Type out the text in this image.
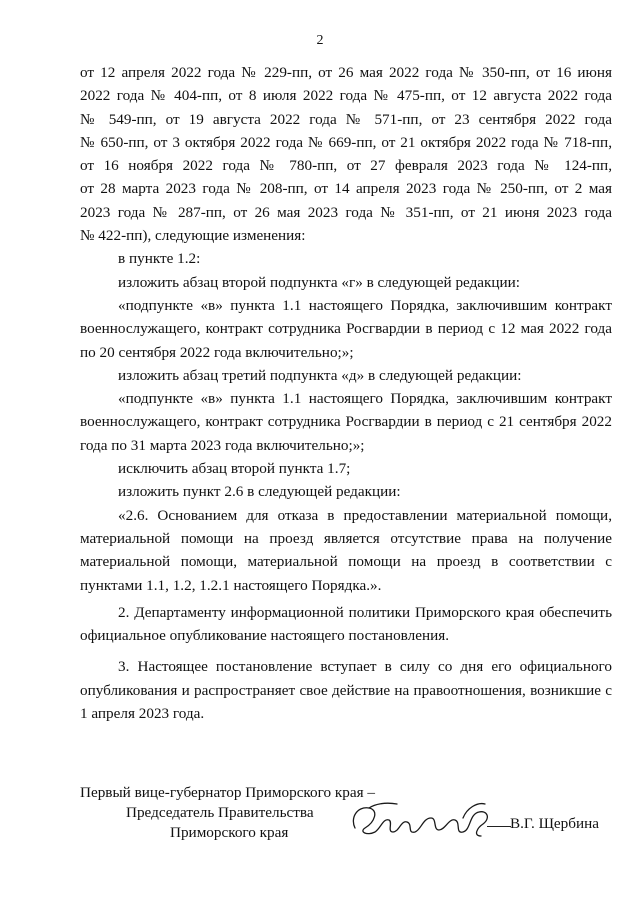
2

от 12 апреля 2022 года № 229-пп, от 26 мая 2022 года № 350-пп, от 16 июня

2022 года № 404-пп, от 8 июля 2022 года № 475-пп, от 12 августа 2022 года

№ 549-пп, от 19 августа 2022 года № 571-пп, от 23 сентября 2022 года

№ 650-пп, от 3 октября 2022 года № 669-пп, от 21 октября 2022 года № 718-пп,

от 16 ноября 2022 года № 780-пп, от 27 февраля 2023 года № 124-пп,

от 28 марта 2023 года № 208-пп, от 14 апреля 2023 года № 250-пп, от 2 мая

2023 года № 287-пп, от 26 мая 2023 года № 351-пп, от 21 июня 2023 года

№ 422-пп), следующие изменения:

в пункте 1.2:

изложить абзац второй подпункта «г» в следующей редакции:

«подпункте «в» пункта 1.1 настоящего Порядка, заключившим контракт военнослужащего, контракт сотрудника Росгвардии в период с 12 мая 2022 года по 20 сентября 2022 года включительно;»;

изложить абзац третий подпункта «д» в следующей редакции:

«подпункте «в» пункта 1.1 настоящего Порядка, заключившим контракт военнослужащего, контракт сотрудника Росгвардии в период с 21 сентября 2022 года по 31 марта 2023 года включительно;»;

исключить абзац второй пункта 1.7;

изложить пункт 2.6 в следующей редакции:

«2.6. Основанием для отказа в предоставлении материальной помощи, материальной помощи на проезд является отсутствие права на получение материальной помощи, материальной помощи на проезд в соответствии с пунктами 1.1, 1.2, 1.2.1 настоящего Порядка.».

2. Департаменту информационной политики Приморского края обеспечить официальное опубликование настоящего постановления.

3. Настоящее постановление вступает в силу со дня его официального опубликования и распространяет свое действие на правоотношения, возникшие с 1 апреля 2023 года.

Первый вице-губернатор Приморского края –
Председатель Правительства
Приморского края
В.Г. Щербина
